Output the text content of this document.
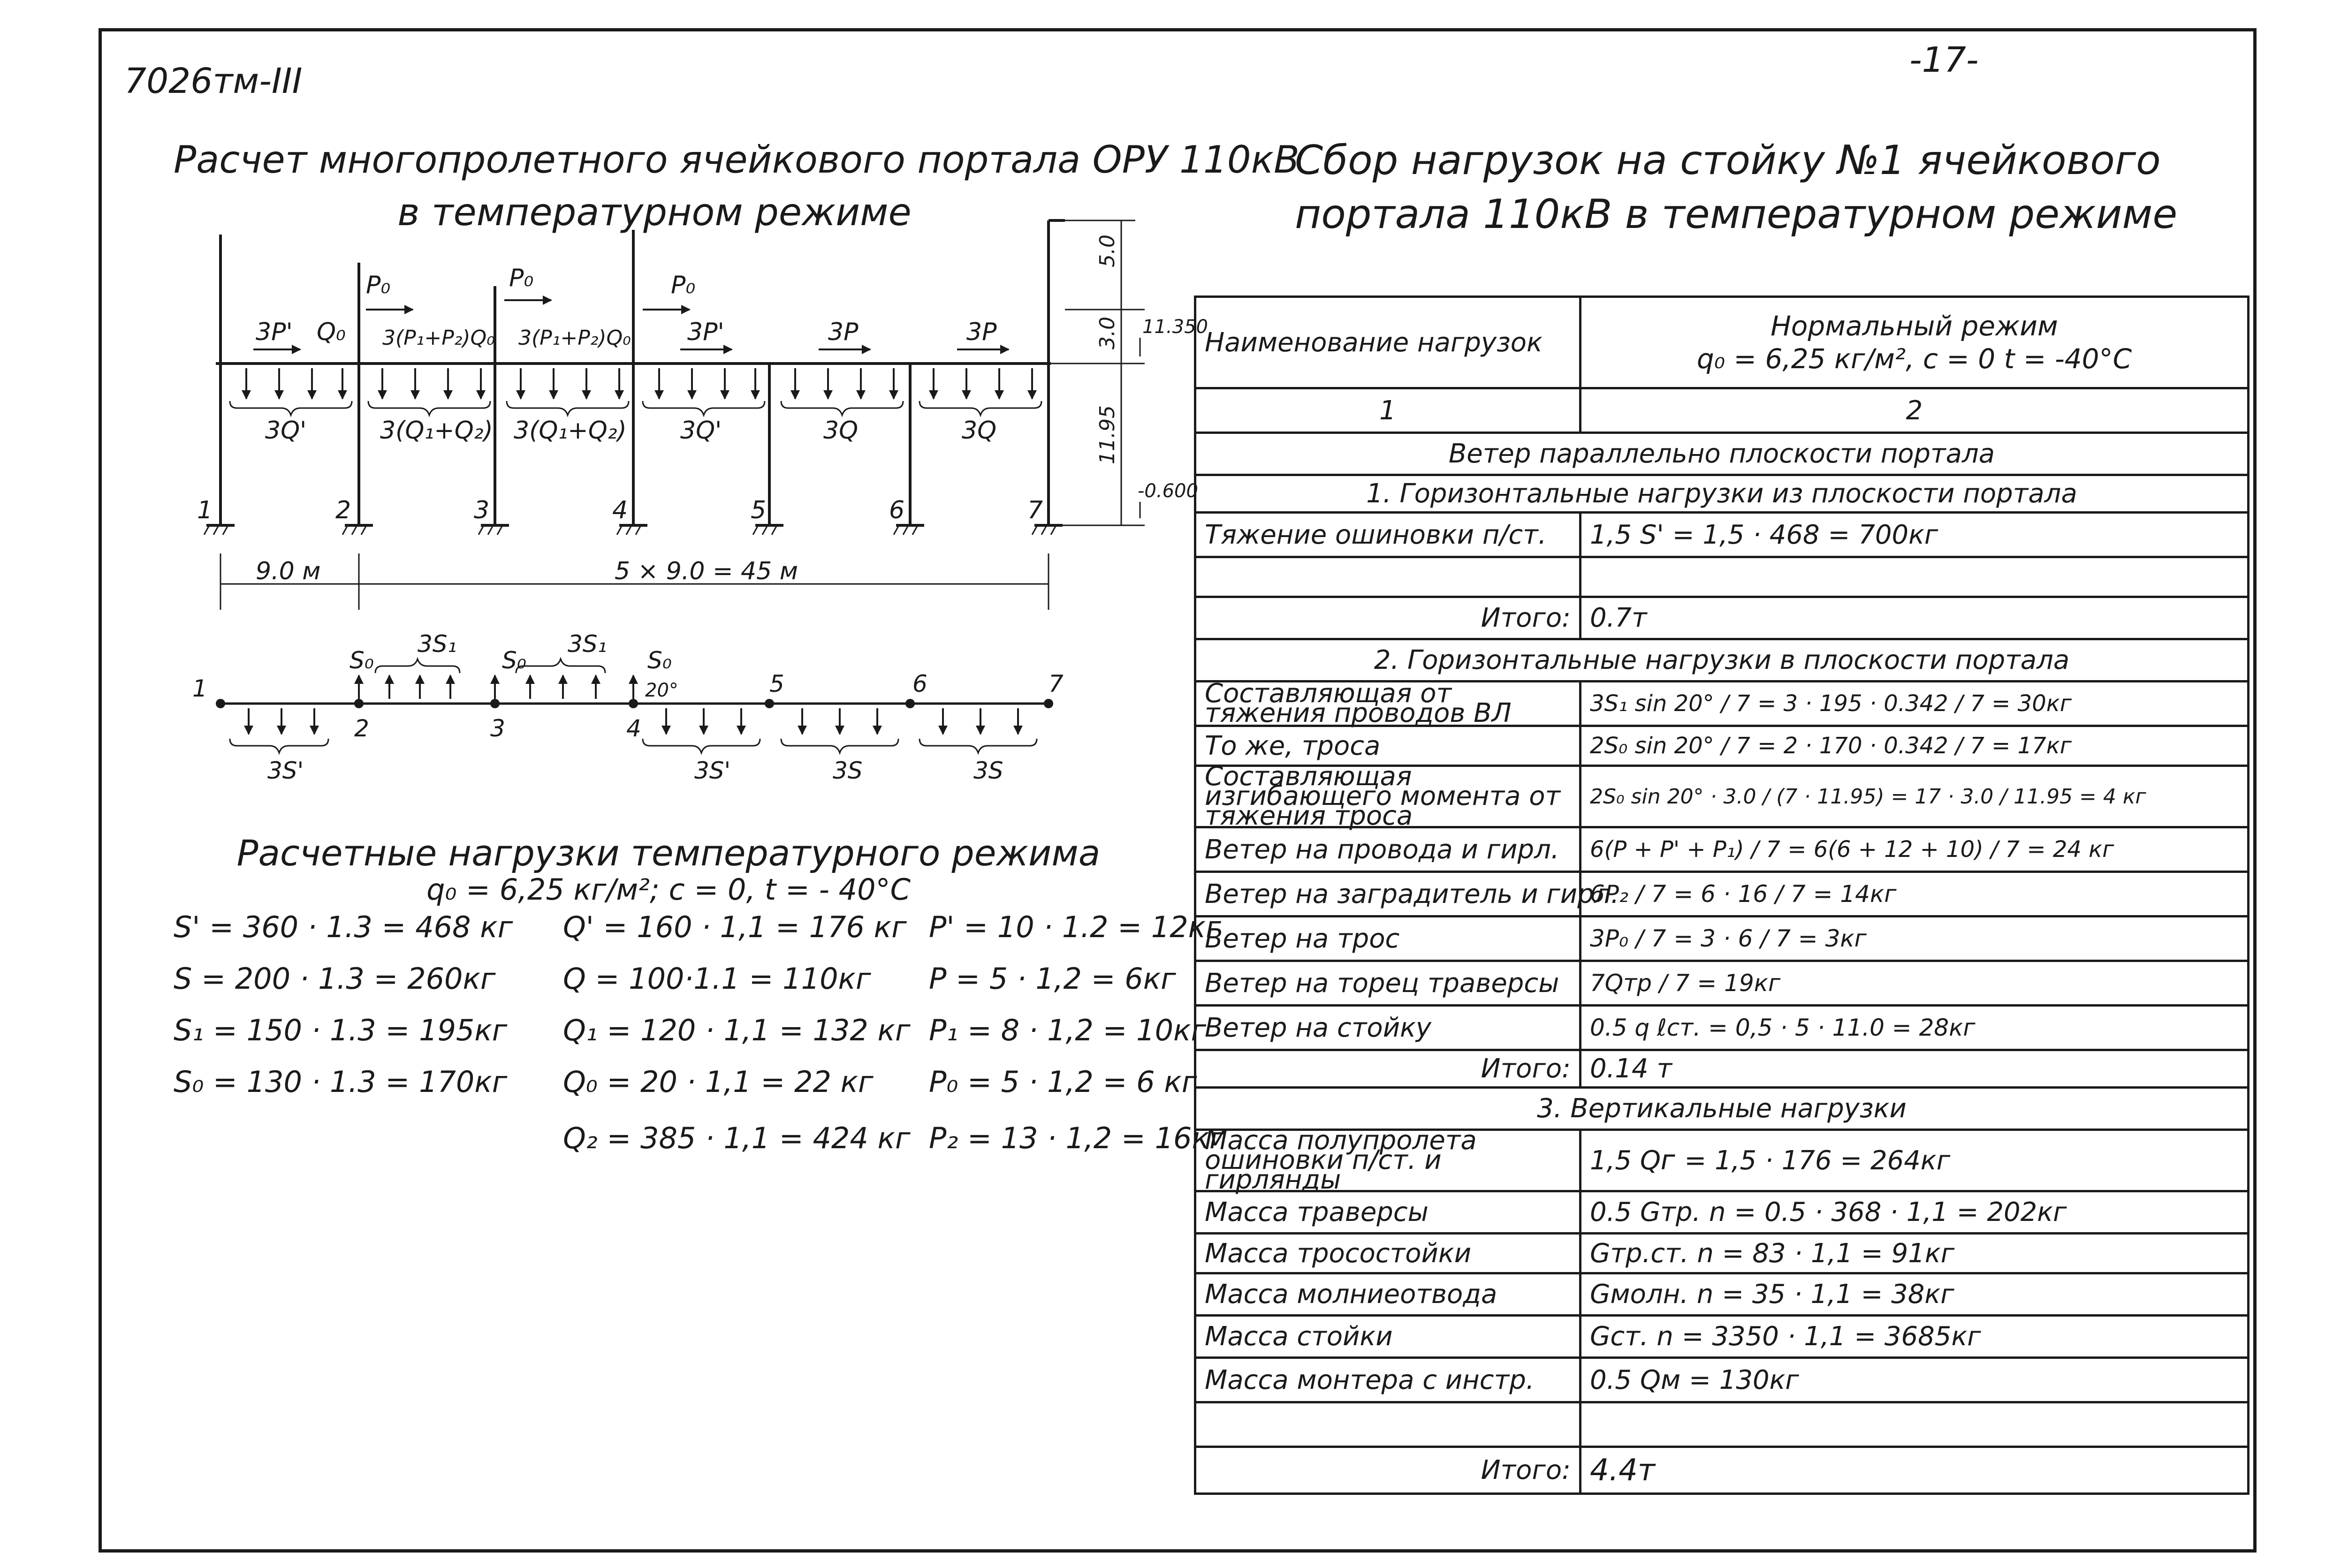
7026тм-III
-17-
Расчет многопролетного ячейкового портала ОРУ 110кВ
в температурном режиме
Сбор нагрузок на стойку №1 ячейкового
портала 110кВ в температурном режиме
3P' Q₀
P₀
3(P₁+P₂)Q₀
P₀
3(P₁+P₂)Q₀
P₀
3P'	3P	3P
3Q'	3(Q₁+Q₂) 3(Q₁+Q₂) 3Q'	3Q	3Q
1	2	3	4	5	6	7
9.0 м	5 × 9.0 = 45 м
5.0
3.0
11.95
11.350
-0.600
S₀
3S₁
S₀
3S₁
S₀
20°
3S'	3S'	3S	3S
1
2	3	4
5	6	7
Расчетные нагрузки температурного режима
q₀ = 6,25 кг/м²; c = 0, t = - 40°C
S' = 360 · 1.3 = 468 кг
S = 200 · 1.3 = 260кг
S₁ = 150 · 1.3 = 195кг
S₀ = 130 · 1.3 = 170кг
Q' = 160 · 1,1 = 176 кг
Q = 100·1.1 = 110кг
Q₁ = 120 · 1,1 = 132 кг
Q₀ = 20 · 1,1 = 22 кг
Q₂ = 385 · 1,1 = 424 кг
P' = 10 · 1.2 = 12кг
P = 5 · 1,2 = 6кг
P₁ = 8 · 1,2 = 10кг
P₀ = 5 · 1,2 = 6 кг
P₂ = 13 · 1,2 = 16кг
Наименование нагрузок	Нормальный режим
q₀ = 6,25 кг/м², c = 0 t = -40°C

1	2
Ветер параллельно плоскости портала	
1. Горизонтальные нагрузки из плоскости портала	
Тяжение ошиновки п/ст.	1,5 S' = 1,5 · 468 = 700кг

Итого:	0.7т
2. Горизонтальные нагрузки в плоскости портала	
Составляющая от тяжения проводов ВЛ	3S₁ sin 20° / 7 = 3 · 195 · 0.342 / 7 = 30кг
То же, троса	2S₀ sin 20° / 7 = 2 · 170 · 0.342 / 7 = 17кг
Составляющая изгибающего момента от тяжения троса	2S₀ sin 20° · 3.0 / (7 · 11.95) = 17 · 3.0 / 11.95 = 4 кг
Ветер на провода и гирл.	6(P + P' + P₁) / 7 = 6(6 + 12 + 10) / 7 = 24 кг
Ветер на заградитель и гирл.	6P₂ / 7 = 6 · 16 / 7 = 14кг
Ветер на трос	3P₀ / 7 = 3 · 6 / 7 = 3кг
Ветер на торец траверсы	7Qтр / 7 = 19кг
Ветер на стойку	0.5 q ℓст. = 0,5 · 5 · 11.0 = 28кг
Итого:	0.14 т
3. Вертикальные нагрузки	
Масса полупролета ошиновки п/ст. и гирлянды	1,5 Qᴦ = 1,5 · 176 = 264кг
Масса траверсы	0.5 Gтр. n = 0.5 · 368 · 1,1 = 202кг
Масса тросостойки	Gтр.ст. n = 83 · 1,1 = 91кг
Масса молниеотвода	Gмолн. n = 35 · 1,1 = 38кг
Масса стойки	Gст. n = 3350 · 1,1 = 3685кг
Масса монтера с инстр.	0.5 Qм = 130кг

Итого:	4.4т
